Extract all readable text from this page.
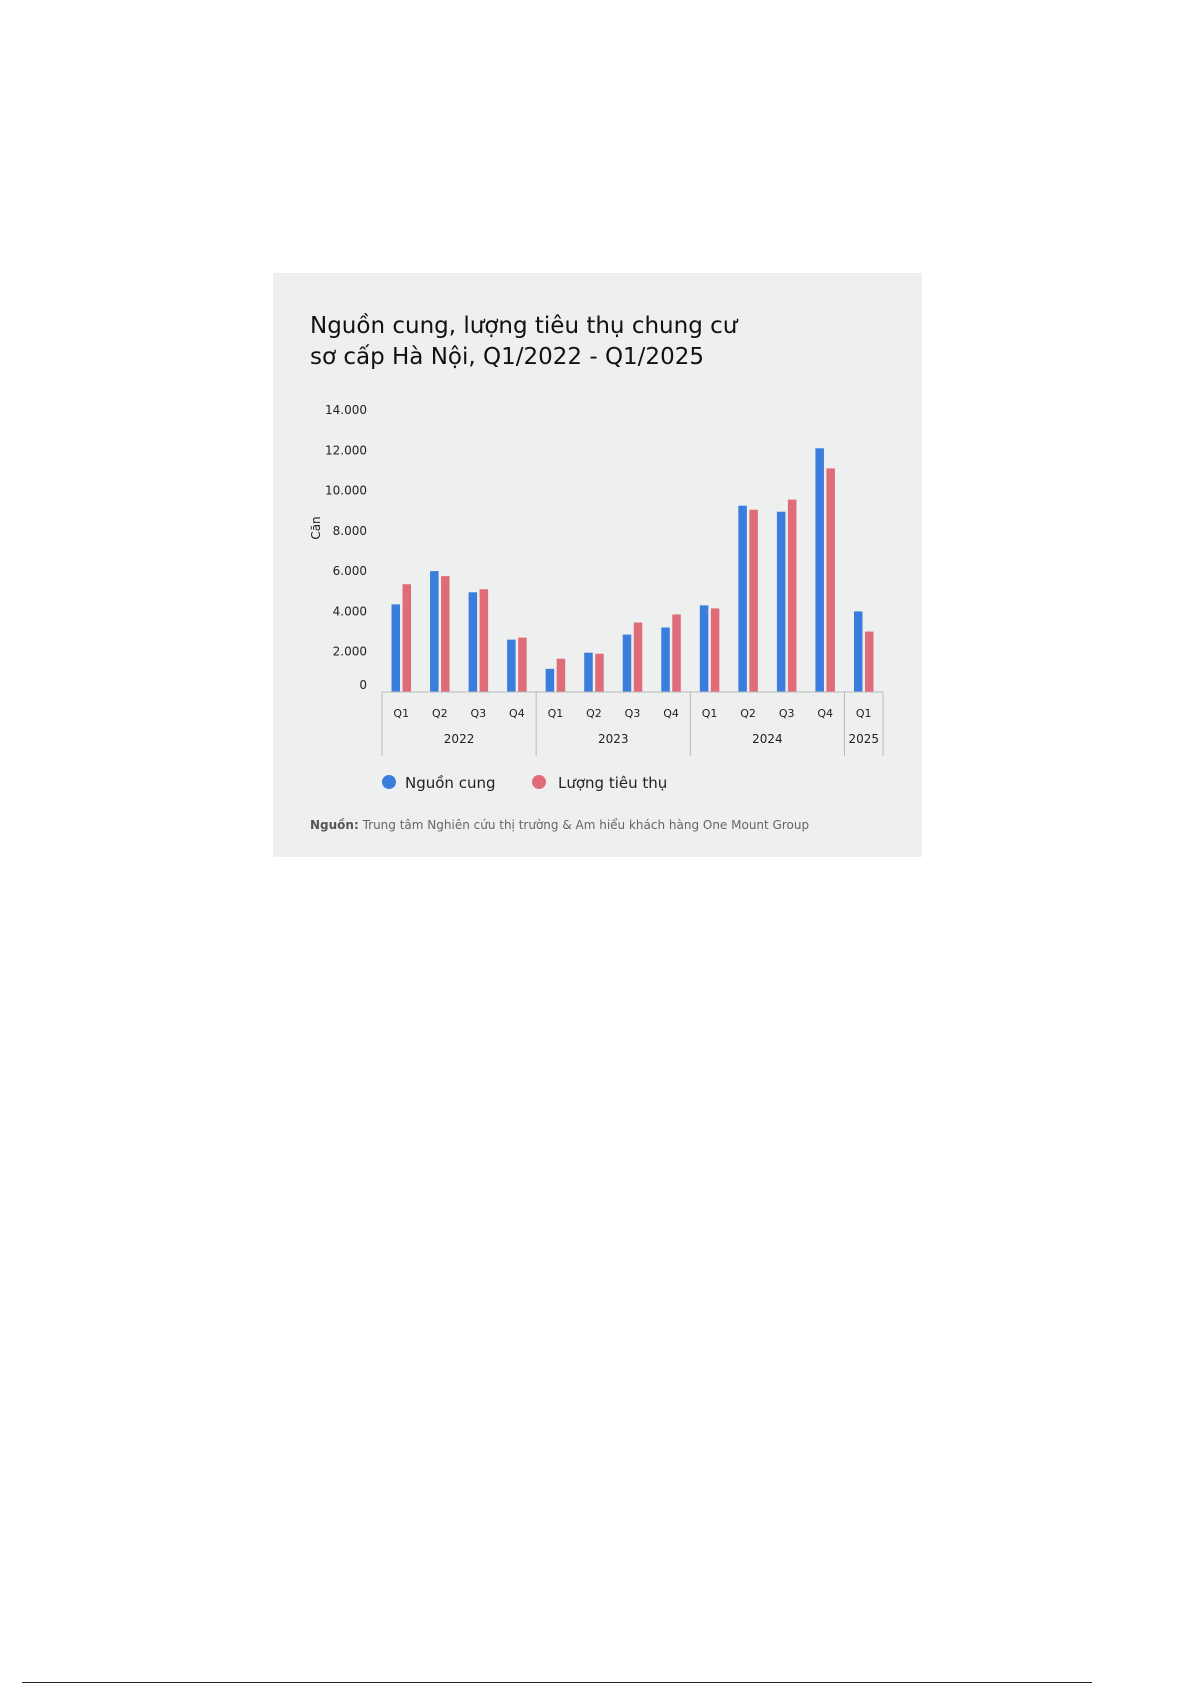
Nguồn cung, lượng tiêu thụ chung cư
sơ cấp Hà Nội, Q1/2022 - Q1/2025
Căn
0
2.000
4.000
6.000
8.000
10.000
12.000
14.000
Q1 Q2 Q3 Q4 Q1 Q2 Q3 Q4 Q1 Q2 Q3 Q4 Q1
2022	2023	2024	2025
Nguồn cung	Lượng tiêu thụ
Nguồn: Trung tâm Nghiên cứu thị trường & Am hiểu khách hàng One Mount Group
